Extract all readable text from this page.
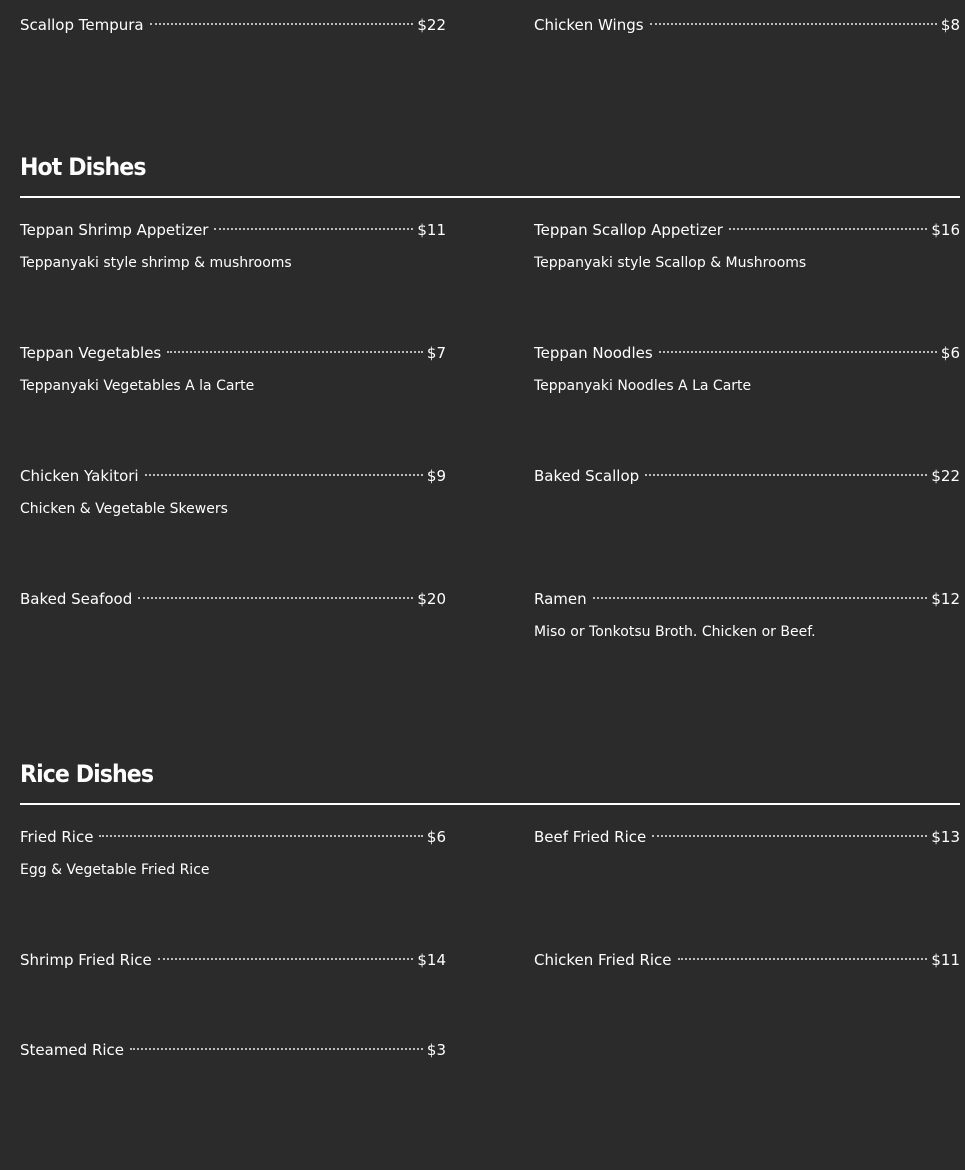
Scallop Tempura	$22	Chicken Wings	$8
Hot Dishes
Teppan Shrimp Appetizer	$11
Teppanyaki style shrimp & mushrooms
Teppan Scallop Appetizer	$16
Teppanyaki style Scallop & Mushrooms
Teppan Vegetables	$7
Teppanyaki Vegetables A la Carte
Teppan Noodles	$6
Teppanyaki Noodles A La Carte
Chicken Yakitori	$9
Chicken & Vegetable Skewers
Baked Scallop	$22
Baked Seafood	$20	Ramen	$12
Miso or Tonkotsu Broth. Chicken or Beef.
Rice Dishes
Fried Rice	$6
Egg & Vegetable Fried Rice
Beef Fried Rice	$13
Shrimp Fried Rice	$14	Chicken Fried Rice	$11
Steamed Rice	$3
